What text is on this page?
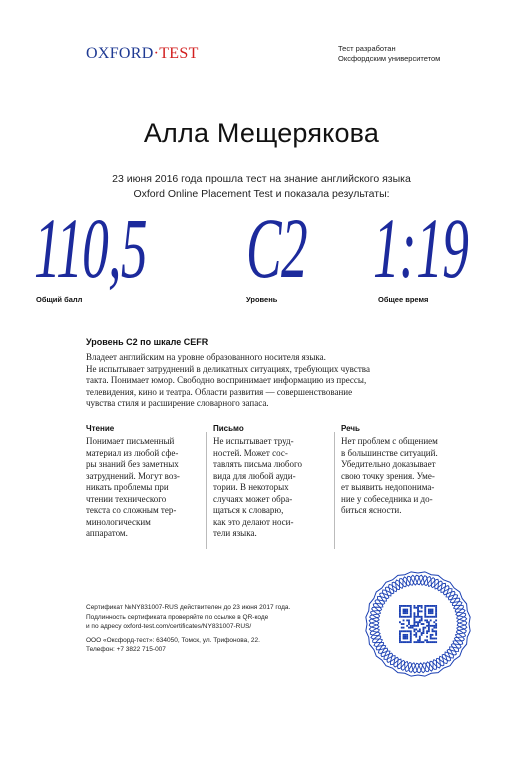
OXFORD·TEST	Тест разработан
Оксфордским университетом
Алла Мещерякова
23 июня 2016 года прошла тест на знание английского языка
Oxford Online Placement Test и показала результаты:
110,5
Общий балл
C2
Уровень
1:19
Общее время
Уровень C2 по шкале CEFR
Владеет английским на уровне образованного носителя языка.
Не испытывает затруднений в деликатных ситуациях, требующих чувства
такта. Понимает юмор. Свободно воспринимает информацию из прессы,
телевидения, кино и театра. Области развития — совершенствование
чувства стиля и расширение словарного запаса.
Чтение
Понимает письменный
материал из любой сфе-
ры знаний без заметных
затруднений. Могут воз-
никать проблемы при
чтении технического
текста со сложным тер-
минологическим
аппаратом.
Письмо
Не испытывает труд-
ностей. Может сос-
тавлять письма любого
вида для любой ауди-
тории. В некоторых
случаях может обра-
щаться к словарю,
как это делают носи-
тели языка.
Речь
Нет проблем с общением
в большинстве ситуаций.
Убедительно доказывает
свою точку зрения. Уме-
ет выявить недопонима-
ние у собеседника и до-
биться ясности.
Сертификат №NY831007-RUS действителен до 23 июня 2017 года.
Подлинность сертификата проверяйте по ссылке в QR-коде
и по адресу oxford-test.com/certificates/NY831007-RUS/
ООО «Оксфорд-тест»: 634050, Томск, ул. Трифонова, 22.
Телефон: +7 3822 715-007
